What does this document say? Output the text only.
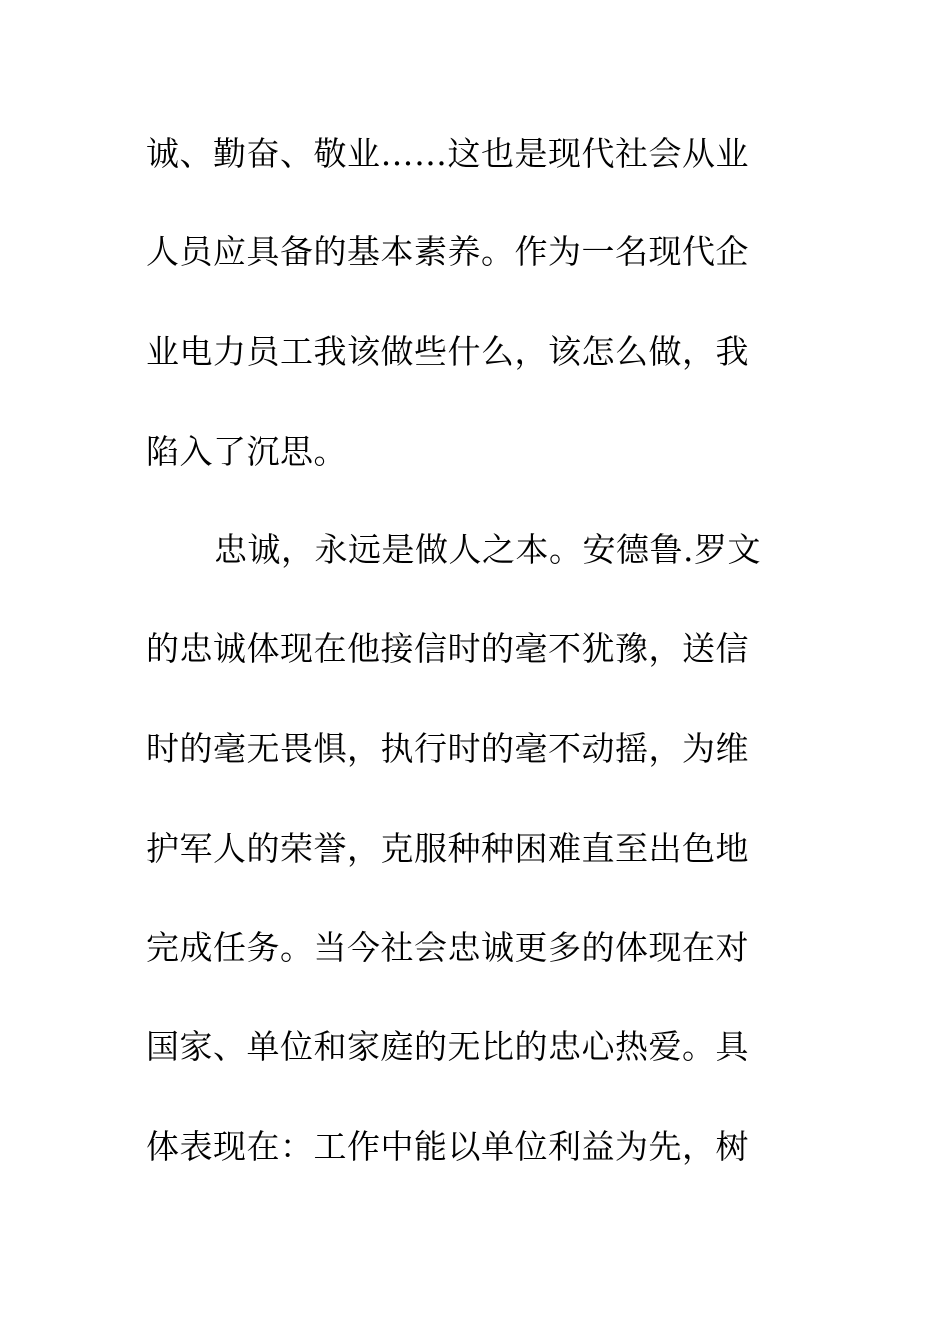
诚、勤奋、敬业……这也是现代社会从业

人员应具备的基本素养。作为一名现代企

业电力员工我该做些什么，该怎么做，我

陷入了沉思。

忠诚，永远是做人之本。安德鲁.罗文

的忠诚体现在他接信时的毫不犹豫，送信

时的毫无畏惧，执行时的毫不动摇，为维

护军人的荣誉，克服种种困难直至出色地

完成任务。当今社会忠诚更多的体现在对

国家、单位和家庭的无比的忠心热爱。具

体表现在：工作中能以单位利益为先，树
